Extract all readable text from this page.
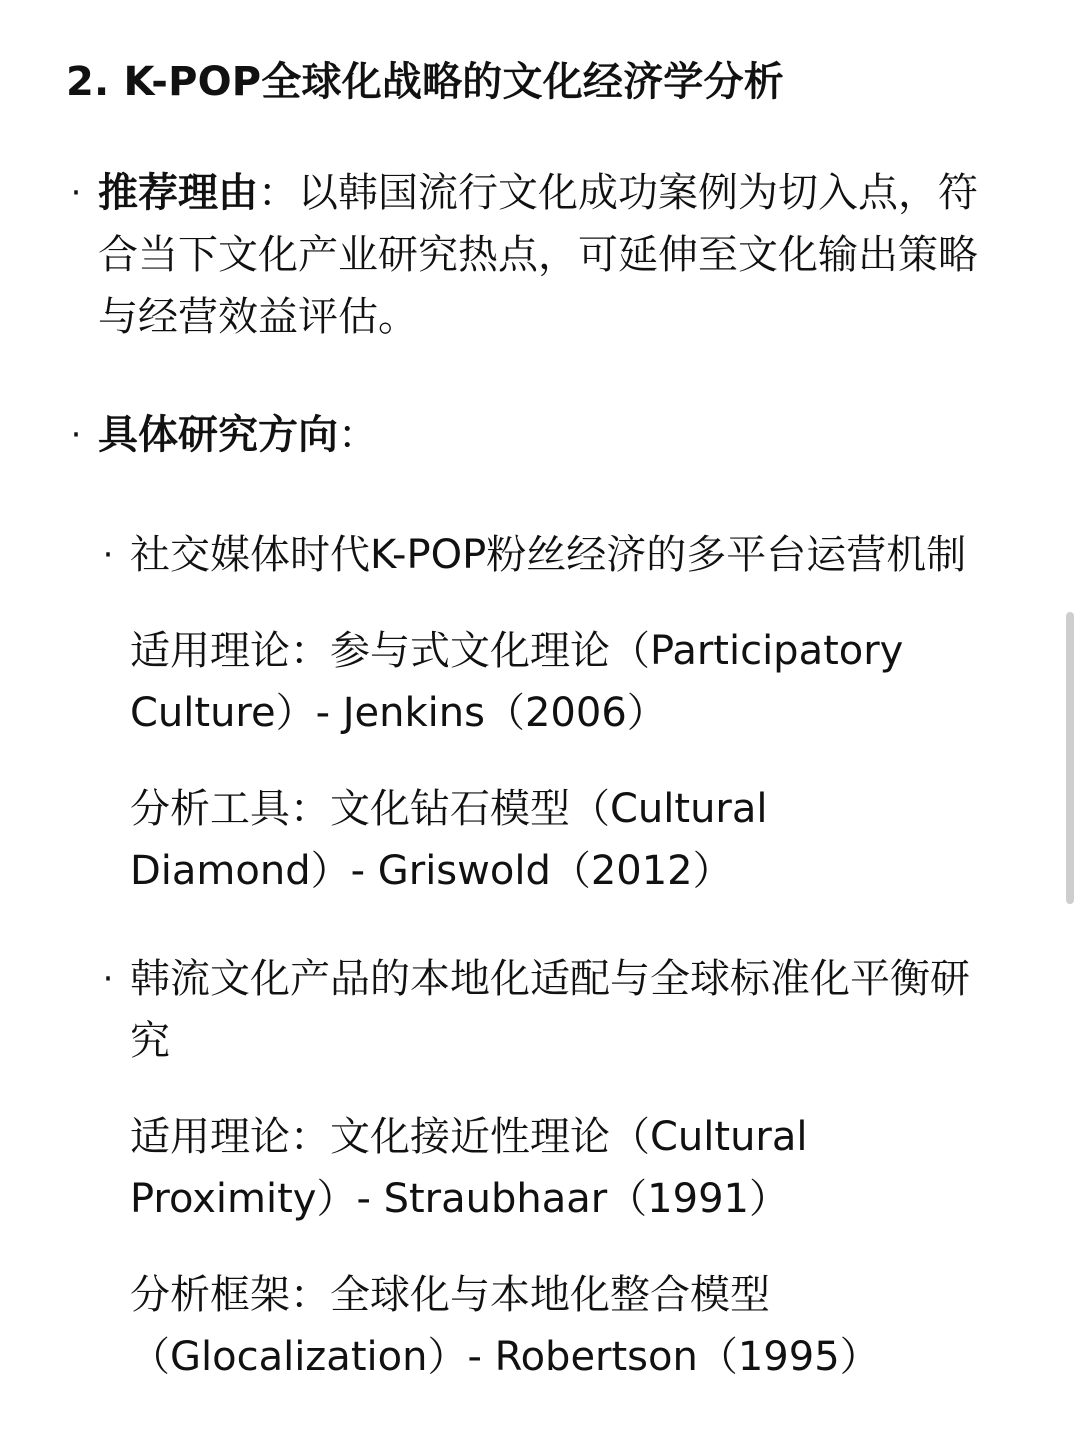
2. K-POP全球化战略的文化经济学分析
· 推荐理由：以韩国流行文化成功案例为切入点，符合当下文化产业研究热点，可延伸至文化输出策略与经营效益评估。
· 具体研究方向：
· 社交媒体时代K-POP粉丝经济的多平台运营机制
适用理论：参与式文化理论（Participatory Culture）- Jenkins（2006）
分析工具：文化钻石模型（Cultural Diamond）- Griswold（2012）
· 韩流文化产品的本地化适配与全球标准化平衡研究
适用理论：文化接近性理论（Cultural Proximity）- Straubhaar（1991）
分析框架：全球化与本地化整合模型（Glocalization）- Robertson（1995）
